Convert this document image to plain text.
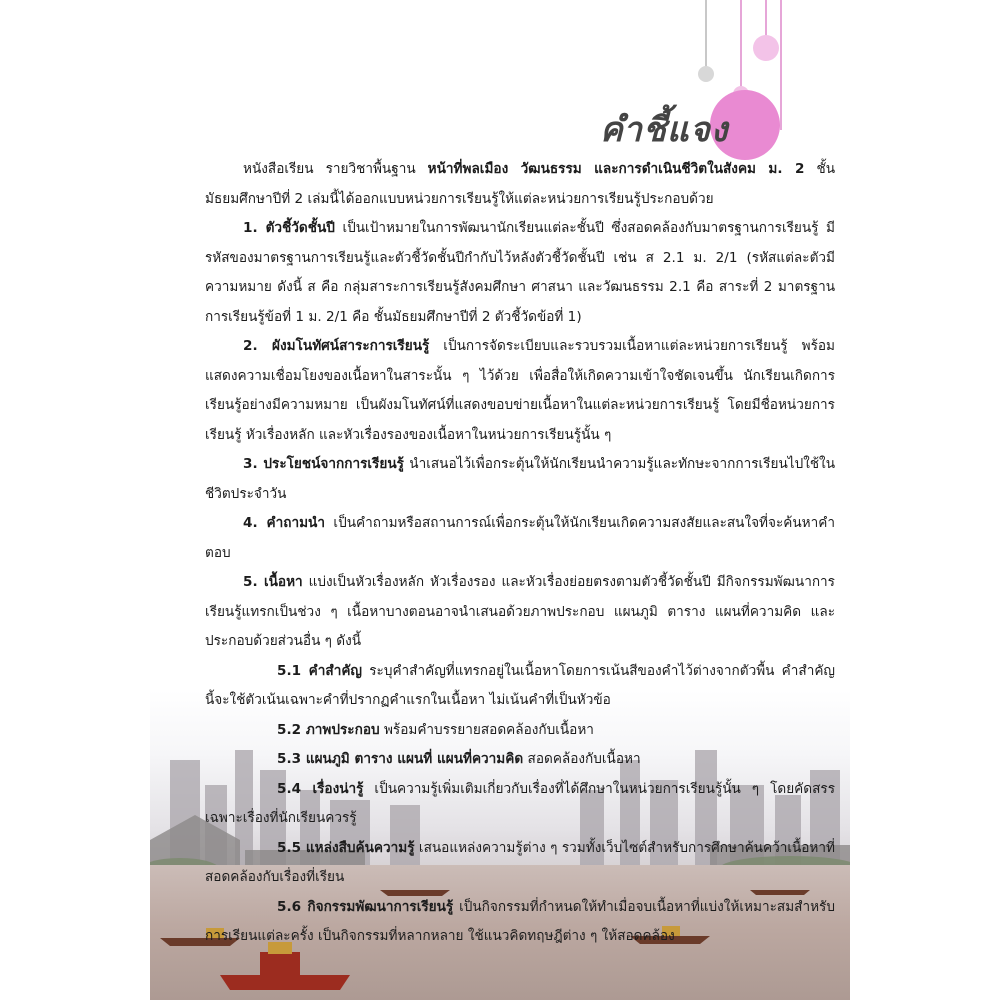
คำชี้แจง

หนังสือเรียน รายวิชาพื้นฐาน หน้าที่พลเมือง วัฒนธรรม และการดำเนินชีวิตในสังคม ม. 2 ชั้นมัธยมศึกษาปีที่ 2 เล่มนี้ได้ออกแบบหน่วยการเรียนรู้ให้แต่ละหน่วยการเรียนรู้ประกอบด้วย

1. ตัวชี้วัดชั้นปี เป็นเป้าหมายในการพัฒนานักเรียนแต่ละชั้นปี ซึ่งสอดคล้องกับมาตรฐานการเรียนรู้ มีรหัสของมาตรฐานการเรียนรู้และตัวชี้วัดชั้นปีกำกับไว้หลังตัวชี้วัดชั้นปี เช่น ส 2.1 ม. 2/1 (รหัสแต่ละตัวมีความหมาย ดังนี้ ส คือ กลุ่มสาระการเรียนรู้สังคมศึกษา ศาสนา และวัฒนธรรม 2.1 คือ สาระที่ 2 มาตรฐานการเรียนรู้ข้อที่ 1 ม. 2/1 คือ ชั้นมัธยมศึกษาปีที่ 2 ตัวชี้วัดข้อที่ 1)

2. ผังมโนทัศน์สาระการเรียนรู้ เป็นการจัดระเบียบและรวบรวมเนื้อหาแต่ละหน่วยการเรียนรู้ พร้อมแสดงความเชื่อมโยงของเนื้อหาในสาระนั้น ๆ ไว้ด้วย เพื่อสื่อให้เกิดความเข้าใจชัดเจนขึ้น นักเรียนเกิดการเรียนรู้อย่างมีความหมาย เป็นผังมโนทัศน์ที่แสดงขอบข่ายเนื้อหาในแต่ละหน่วยการเรียนรู้ โดยมีชื่อหน่วยการเรียนรู้ หัวเรื่องหลัก และหัวเรื่องรองของเนื้อหาในหน่วยการเรียนรู้นั้น ๆ

3. ประโยชน์จากการเรียนรู้ นำเสนอไว้เพื่อกระตุ้นให้นักเรียนนำความรู้และทักษะจากการเรียนไปใช้ในชีวิตประจำวัน

4. คำถามนำ เป็นคำถามหรือสถานการณ์เพื่อกระตุ้นให้นักเรียนเกิดความสงสัยและสนใจที่จะค้นหาคำตอบ

5. เนื้อหา แบ่งเป็นหัวเรื่องหลัก หัวเรื่องรอง และหัวเรื่องย่อยตรงตามตัวชี้วัดชั้นปี มีกิจกรรมพัฒนาการเรียนรู้แทรกเป็นช่วง ๆ เนื้อหาบางตอนอาจนำเสนอด้วยภาพประกอบ แผนภูมิ ตาราง แผนที่ความคิด และประกอบด้วยส่วนอื่น ๆ ดังนี้

5.1 คำสำคัญ ระบุคำสำคัญที่แทรกอยู่ในเนื้อหาโดยการเน้นสีของคำไว้ต่างจากตัวพื้น คำสำคัญนี้จะใช้ตัวเน้นเฉพาะคำที่ปรากฏคำแรกในเนื้อหา ไม่เน้นคำที่เป็นหัวข้อ

5.2 ภาพประกอบ พร้อมคำบรรยายสอดคล้องกับเนื้อหา

5.3 แผนภูมิ ตาราง แผนที่ แผนที่ความคิด สอดคล้องกับเนื้อหา

5.4 เรื่องน่ารู้ เป็นความรู้เพิ่มเติมเกี่ยวกับเรื่องที่ได้ศึกษาในหน่วยการเรียนรู้นั้น ๆ โดยคัดสรรเฉพาะเรื่องที่นักเรียนควรรู้

5.5 แหล่งสืบค้นความรู้ เสนอแหล่งความรู้ต่าง ๆ รวมทั้งเว็บไซต์สำหรับการศึกษาค้นคว้าเนื้อหาที่สอดคล้องกับเรื่องที่เรียน

5.6 กิจกรรมพัฒนาการเรียนรู้ เป็นกิจกรรมที่กำหนดให้ทำเมื่อจบเนื้อหาที่แบ่งให้เหมาะสมสำหรับการเรียนแต่ละครั้ง เป็นกิจกรรมที่หลากหลาย ใช้แนวคิดทฤษฎีต่าง ๆ ให้สอดคล้อง
